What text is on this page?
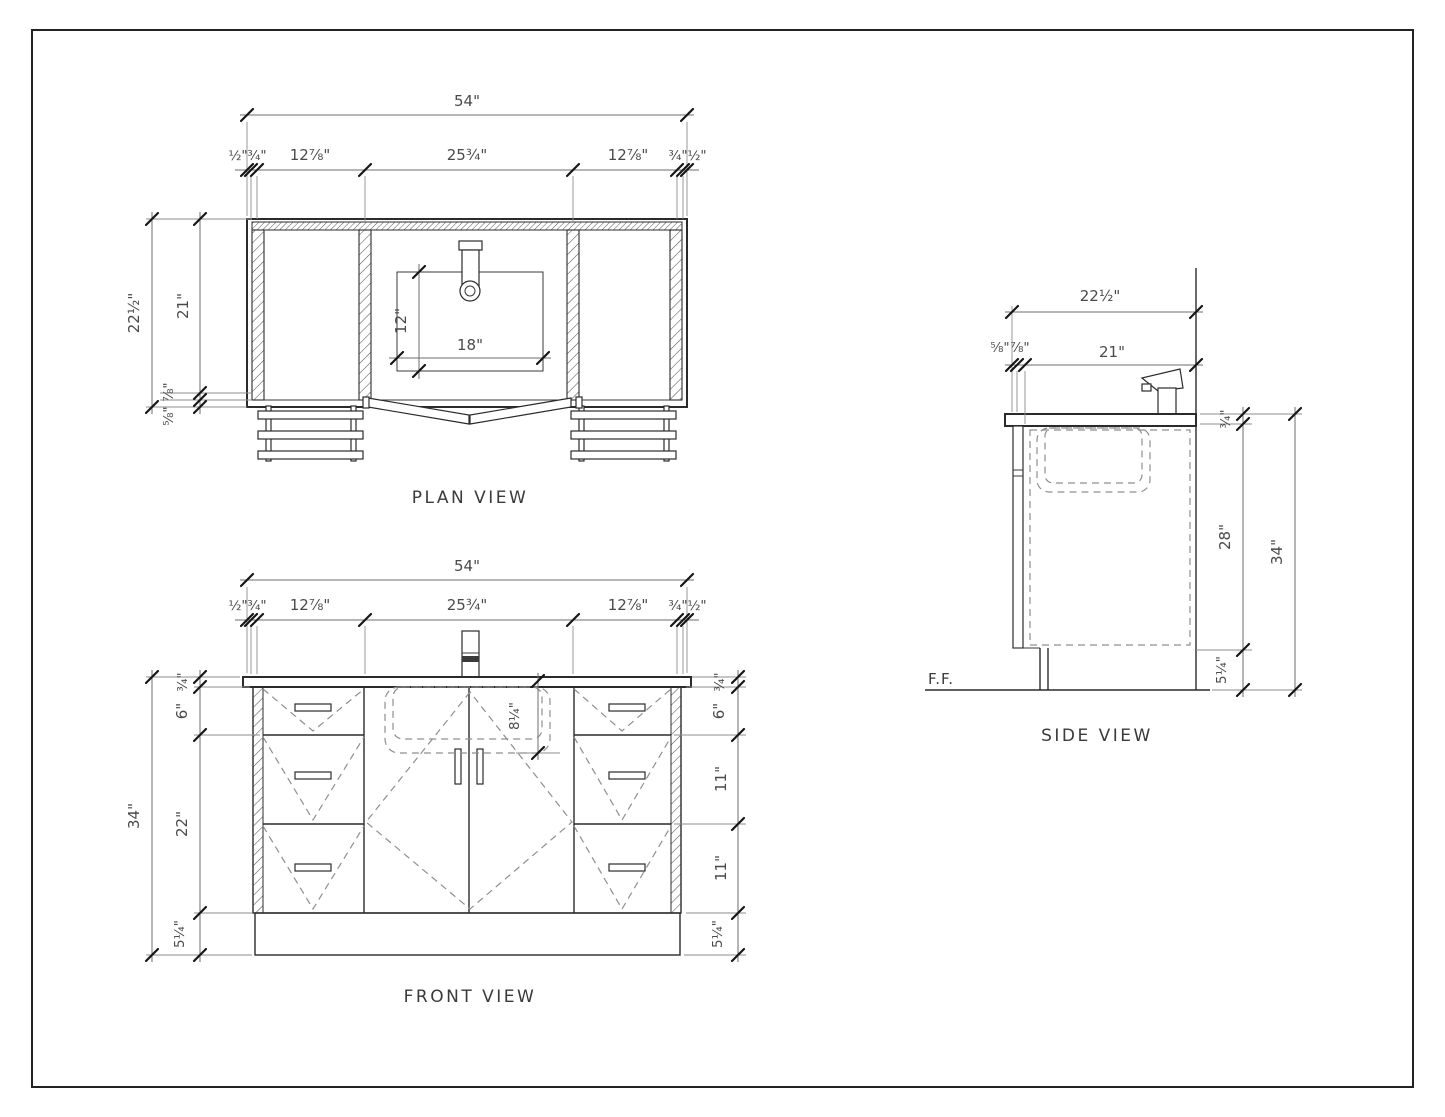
54"
½" ¾" 12⅞"	25¾"	12⅞" ¾" ½"
22½" 21"
⅞"
⅝"
12"
18"
PLAN VIEW
54"
½" ¾" 12⅞"	25¾"	12⅞" ¾" ½"
34"
¾"
6"
22"
5¼"
¾"
6"
11"
11"
5¼"
8¼"
FRONT VIEW
F.F.
22½"
⅝" ⅞"	21"
¾"
28"
5¼"
34"
SIDE VIEW
